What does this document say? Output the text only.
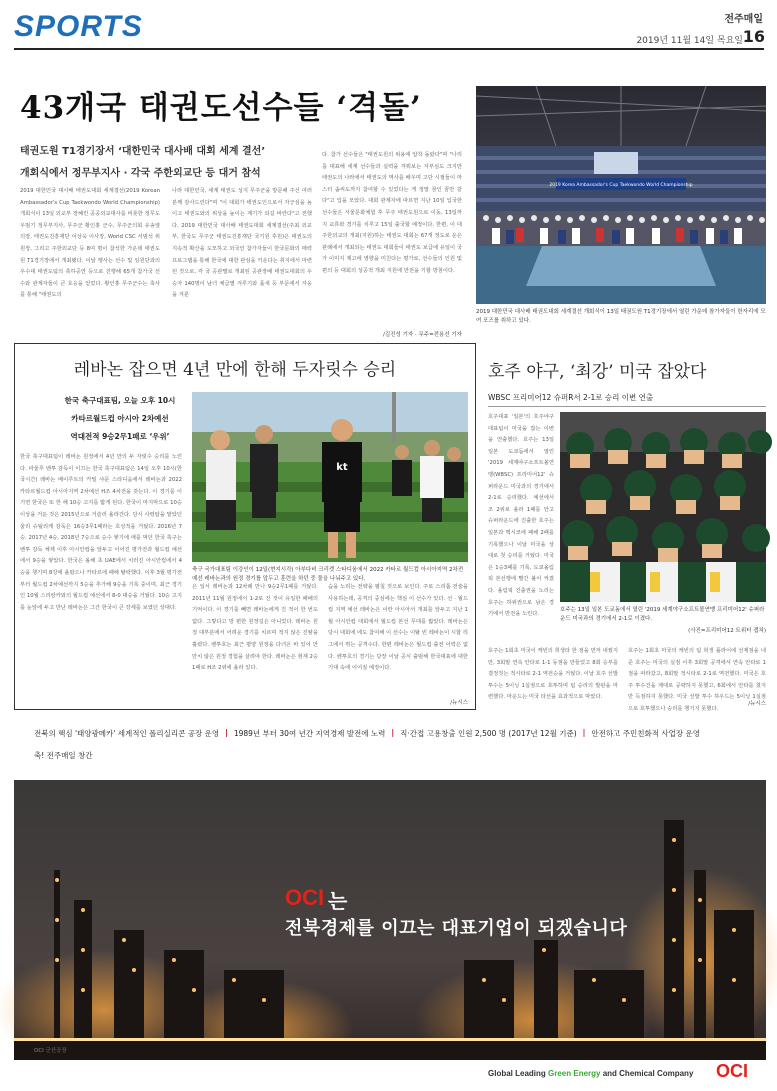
SPORTS	전주매일
2019년 11월 14일 목요일 16
43개국 태권도선수들 ‘격돌’
태권도원 T1경기장서 ‘대한민국 대사배 대회 세계 결선’
개회식에서 정무부지사 · 각국 주한외교단 등 대거 참석
2019 대한민국 대사배 태권도대회 세계결선(2019 Korean Ambassador's Cup Taekwondo World Championship) 개회식이 13일 외교부 장혜린 공공외교대사를 비롯한 정무도 우범기 정무부지사, 무주군 황인홍 군수, 무주군의회 유송열 의장, 태권도진흥재단 이상욱 이사장, World CSC 서범석 위원장, 그리고 주한외교단 등 8여 명이 참석한 가운데 태권도원 T1경기장에서 개최됐다. 이날 행사는 선수 및 임원단과의 우수대 태권도팀의 축하공연 등으로 진행해 65개 참가국 선수와 관계자들이 큰 호응을 얻었다. 황인홍 무주군수는 축사를 통해 "태권도의
나라 대한민국, 세계 태권도 성지 무주군을 방문해 주신 여러분께 감사드린다"며 "이 대회가 태권도인으로서 자긍심을 높이고 태권도와의 위상을 높이는 계기가 되길 바란다"고 전했다. 2019 대한민국 대사배 태권도대회 세계결선(주최 외교부, 한국도 무주군 태권도진흥재단 국기원 후원)은 태권도의 지속적 확산을 도모하고 외국인 참가자들이 한국문화의 매력 프로그램을 통해 한국에 대한 관심을 키운다는 취지에서 마련된 것으로, 각 국 공관별로 개최된 공관장배 태권도대회의 우승자 140명이 남녀 체급별 겨루기와 품새 등 부문에서 자웅을 겨룬
다. 참가 선수들은 "태권도원의 위용에 압착 돌랐다"며 "나리를 대표해 세계 선수들과 실력을 겨뤄보는 자부심도 크지만 태권도의 나라에서 태권도의 역사를 배우며 고단 시절들이 마스터 솜씨도까지 참여할 수 있었다는 게 정말 꿈인 꿈만 같다"고 입을 모았다. 대회 관계자에 따르면 지난 10일 입국한 선수들은 서울문화체험 후 무주 태권도원으로 이동, 13일까지 교류와 경기를 치루고 15일 출국할 예정이다. 한편, 이 대 주한외교의 개최(지원)하는 태권도 대회는 67개 정도로 운은 관례에서 개최되는 태권도 대회들이 태권도 보급에 유일이 국가 이미지 제고에 영향을 미친다는 평가로, 선수들의 인원 및 편의 등 대회의 성공적 개최 지원에 만전을 기할 방침이다.
/김진성 기자 · 무주=전용선 기자
2019 Korea Ambassador's Cup Taekwondo World Championship
2019 대한민국 대사배 태권도대회 세계결선 개회식이 13일 태권도원 T1경기장에서 열린 가운데 참가자들이 한자리에 모여 포즈를 취하고 있다.
레바논 잡으면 4년 만에 한해 두자릿수 승리
한국 축구대표팀, 오늘 오후 10시
카타르월드컵 아시아 2차예선
역대전적 9승2무1패로 ‘우위’
한국 축구대표팀이 레바논 원정에서 4년 만의 두 자릿수 승리를 노린다. 파울루 벤투 감독이 이끄는 한국 축구대표팀은 14일 오후 10시(한국시간) 레바논 베이루트의 카밀 샤문 스타디움에서 레바논과 2022 카타르월드컵 아시아지역 2차예선 H조 4차전을 갖는다. 이 경기를 이기면 한국은 또 한 해 10승 고지를 밟게 된다. 한국이 마지막으로 10승 이상을 거둔 것은 2015년으로 거슬러 올라간다. 당시 사령탑을 맡았던 울리 슈틸리케 감독은 16승3무1패라는 호성적을 거뒀다. 2016년 7승, 2017년 4승, 2018년 7승으로 승수 쌓기에 애를 먹던 한국 축구는 벤투 감독 체제 이후 아시안컵을 앞두고 이어진 평가전과 월드컵 예선에서 9승을 쌓았다. 한국은 올해 초 UAE에서 치러진 아시안컵에서 4승을 챙기며 8강에 올랐으나 카타르에 패해 탈락했다. 이후 3월 평가전부터 월드컵 2차예선까지 5승을 추가해 9승을 기록 중이며, 최근 경기인 10월 스리랑카와의 월드컵 예선에서 8-0 대승을 거뒀다. 10승 고지를 눈앞에 두고 만난 레바논은 그간 한국이 큰 강세를 보였던 상대다.
은 일서 레바논과 12차례 만나 9승2무1패를 거뒀다. 2011년 11월 원정에서 1-2로 진 것이 유일한 패배의 기억이다. 이 경기를 빼면 레바논에게 진 적이 한 번도 없다. 그렇다고 방 편한 원정길은 아니었다. 레바논 원정 대부분에서 어려운 경기를 치르며 적지 않은 진땀을 흘렸다. 벤투호는 최근 평양 원정을 다녀온 바 있어 만만치 않은 원정 경험을 살려야 한다. 레바논은 현재 2승1패로 H조 2위에 올라 있다.
습을 노리는 전략을 펼칠 것으로 보인다. 주로 스리톱 전술을 사용하는데, 공격의 중심에는 핵심 이 선수가 있다. 선 · 월드컵 지역 예선 레바논은 이란 아시아서 개최를 앞두고 지난 1월 아시안컵 대회에서 월드컵 본선 무대를 밟았다. 레바논은 당시 대회에 에도 참여해 이 선수는 이탈 빈 레바논이 시합 리그에서 뛰는 공격수다. 한편 레바논은 월드컵 출전 이력은 없다. 벤투호의 경기는 당장 이날 공식 출범해 한국대표에 대한 기대 속에 이어질 예정이다.
/뉴시스
kt
축구 국가대표팀 이강인이 12일(현지시각) 아부다비 크리켓 스타디움에서 2022 카타르 월드컵 아시아지역 2차전 예선 레바논과의 원정 경기를 앞두고 훈련을 하던 중 물을 나눠주고 있다.
호주 야구, ‘최강’ 미국 잡았다
WBSC 프리미어12 슈퍼R서 2-1로 승리 이변 연출
호주대표 '일본'의 호주야구대표팀이 미국을 잡는 이변을 연출했다. 호주는 13일 일본 도쿄돔에서 열린 '2019 세계야구소프트볼연맹(WBSC) 프리미어12' 슈퍼라운드 미국과의 경기에서 2-1로 승리했다. 예선에서 조 2위로 올라 1패를 안고 슈퍼라운드에 진출한 호주는 일본과 멕시코에 패해 2패를 기록했으나 이날 미국을 상대로 첫 승리를 거뒀다. 미국은 1승3패를 기록, 도쿄올림픽 본선행에 빨간 불이 켜졌다. 올림픽 진출권을 노리는 호주는 하위권으로 남은 경기에서 반전을 노린다.
호주는 13일 일본 도쿄돔에서 열린 '2019 세계야구소프트볼연맹 프리미어12' 슈퍼라운드 미국과의 경기에서 2-1로 이겼다.
(사진=프리미어12 트위터 캡쳐)
호주는 1회초 미국이 케빈의 희생타 한 점을 먼저 내줬지만, 3회말 연속 안타로 1-1 동점을 만들었고 8회 승부를 결정짓는 적시타로 2-1 역전승을 거뒀다. 이날 호주 선발 투수는 5이닝 1실점으로 호투하며 팀 승리의 발판을 마련했다. 마운드는 미국 타선을 효과적으로 막았다.
호주는 1회초 미국의 케빈의 팀 희생 플라이에 선제점을 내준 호주는 미국의 실점 이후 3회말 공격에서 연속 안타로 1점을 따라갔고, 8회말 적시타로 2-1로 역전했다. 미국은 호주 투수진을 제대로 공략하지 못했고, 6회에서 안타를 쳤지만 득점하지 못했다. 미국 선발 투수 하우드는 5이닝 1실점으로 호투했으나 승리를 챙기지 못했다.
/뉴시스
전북의 핵심 '태양광메카' 세계적인 폴리실리콘 공장 운영 | 1989년 부터 30여 년간 지역경제 발전에 노력 | 직·간접 고용창출 인원 2,500 명 (2017년 12월 기준) | 안전하고 주민친화적 사업장 운영
축! 전주매일 창간
OCI 는
전북경제를 이끄는 대표기업이 되겠습니다
OCI 군산공장
Global Leading Green Energy and Chemical Company OCI
